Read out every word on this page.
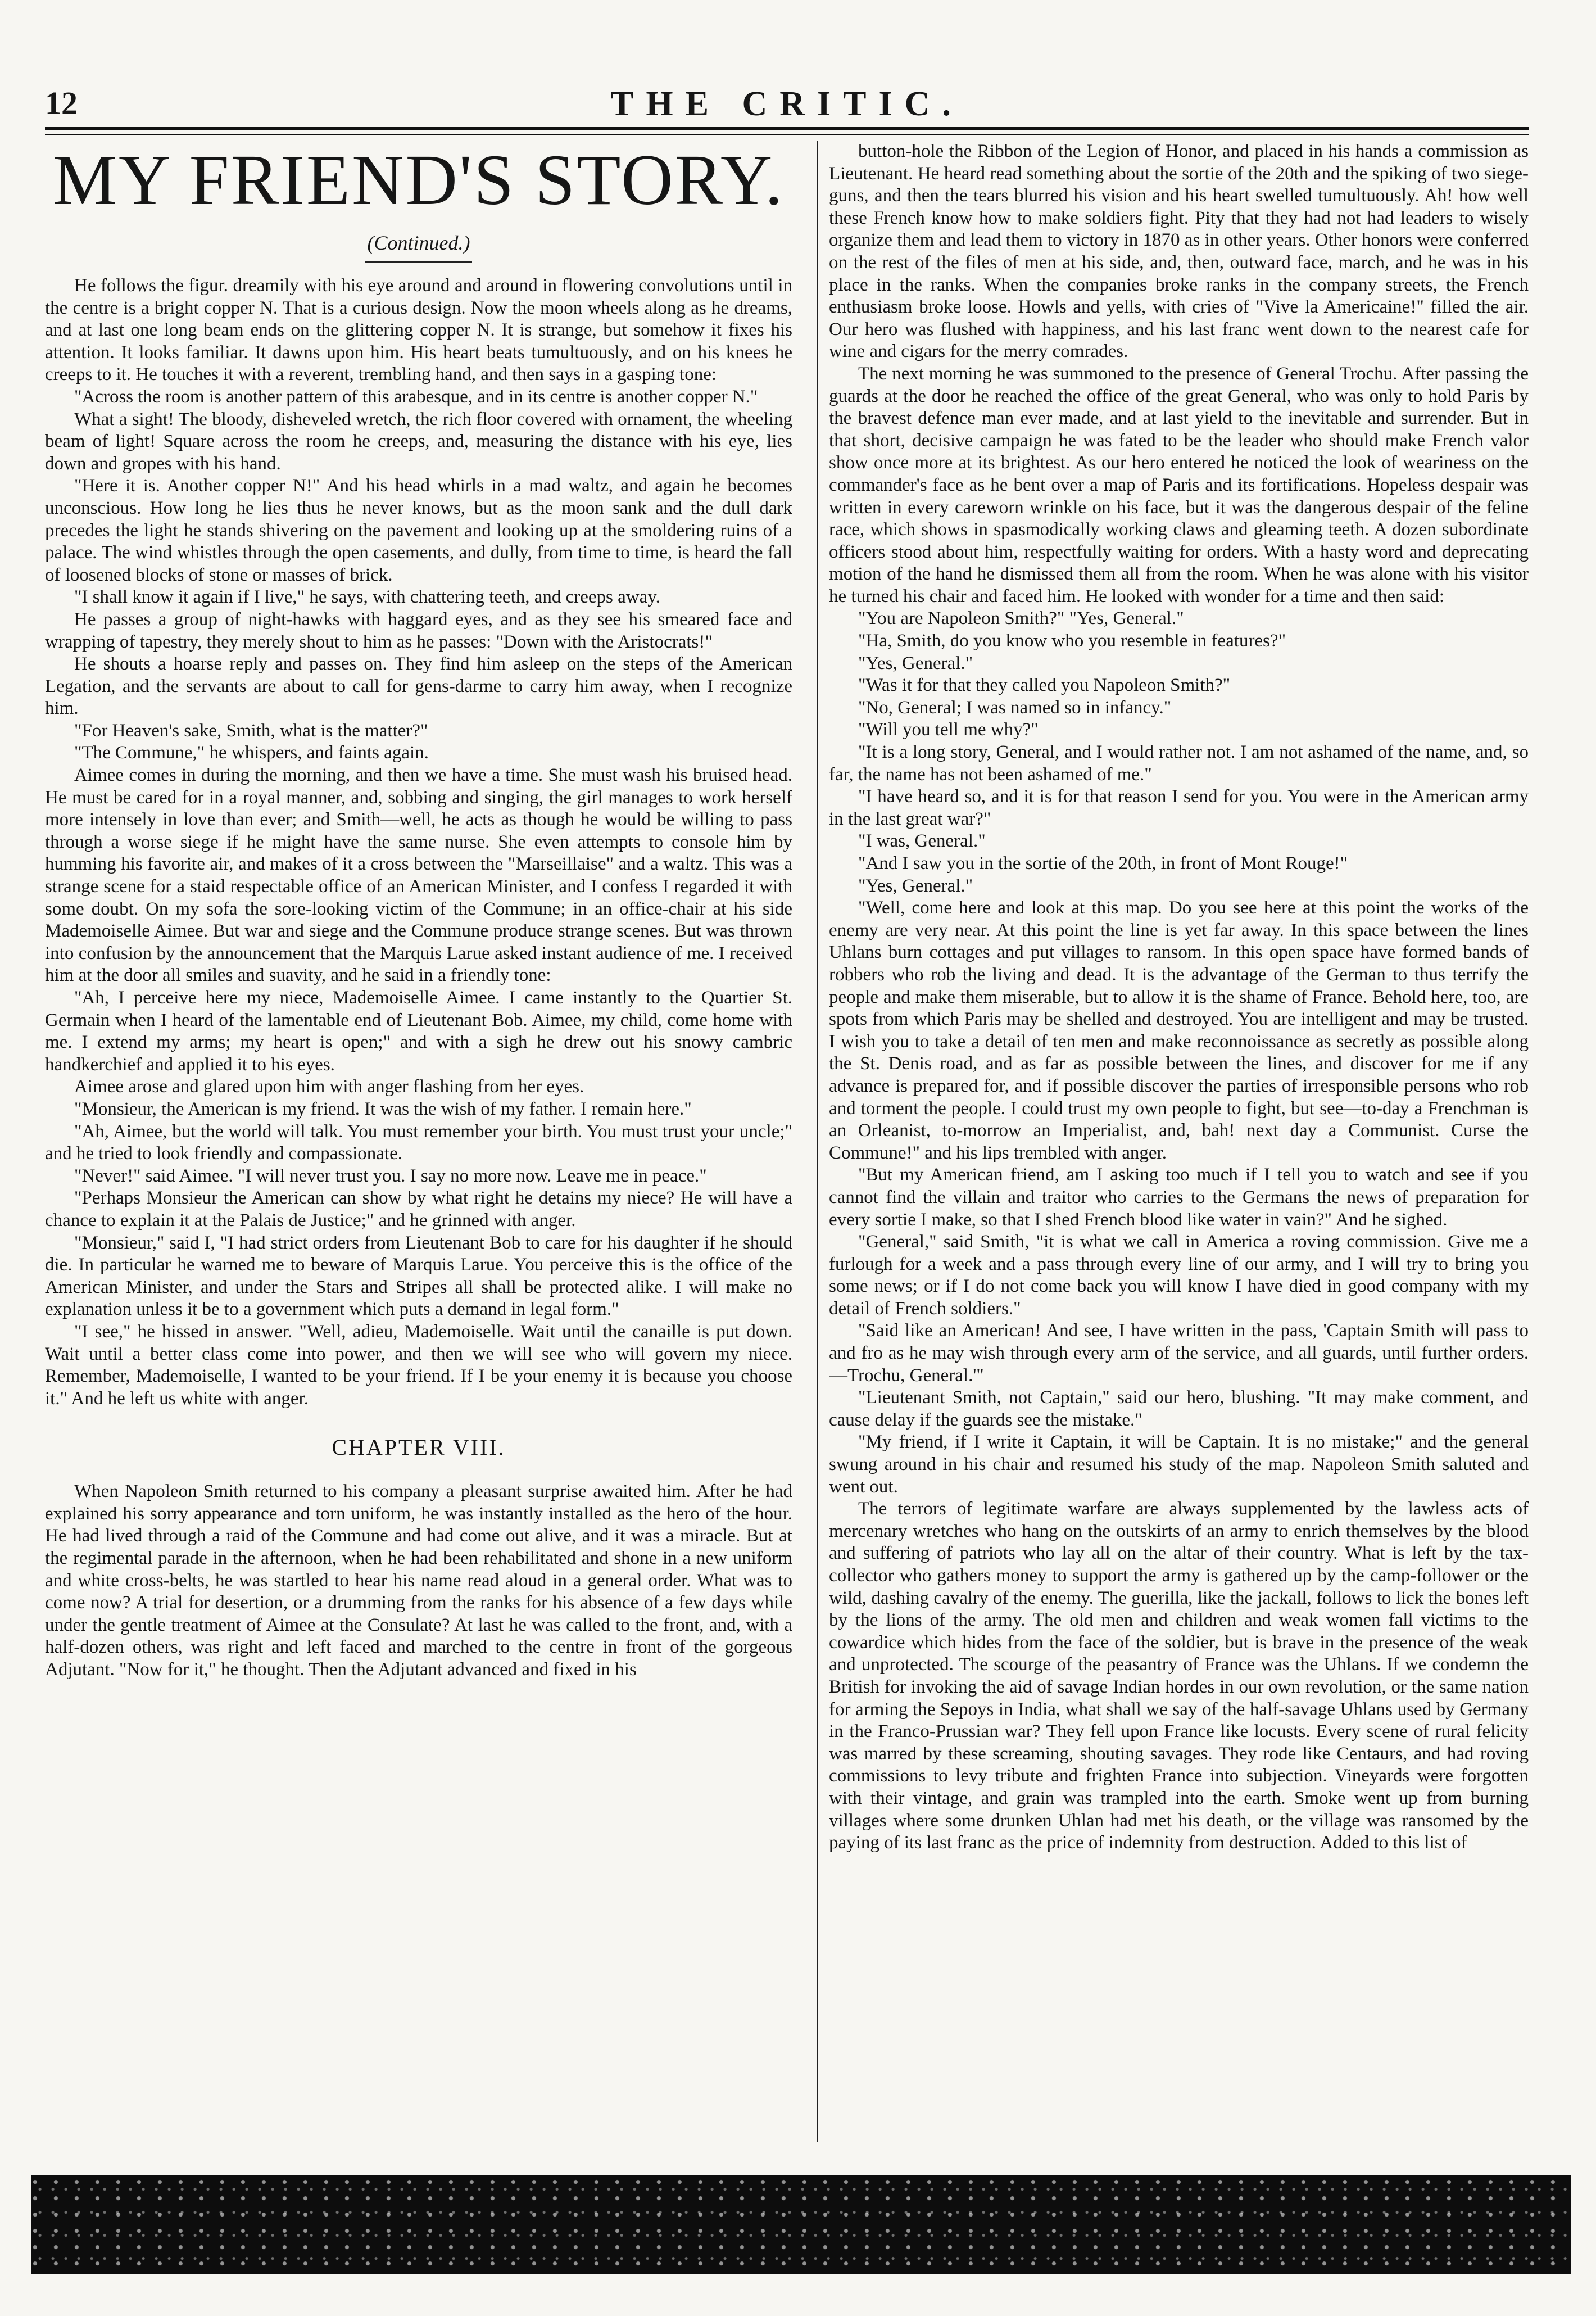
12	THE CRITIC.
MY FRIEND'S STORY.
(Continued.)

He follows the figur. dreamily with his eye around and around in flowering convolutions until in the centre is a bright copper N. That is a curious design. Now the moon wheels along as he dreams, and at last one long beam ends on the glittering copper N. It is strange, but somehow it fixes his attention. It looks familiar. It dawns upon him. His heart beats tumultuously, and on his knees he creeps to it. He touches it with a reverent, trembling hand, and then says in a gasping tone:

"Across the room is another pattern of this arabesque, and in its centre is another copper N."

What a sight! The bloody, disheveled wretch, the rich floor covered with ornament, the wheeling beam of light! Square across the room he creeps, and, measuring the distance with his eye, lies down and gropes with his hand.

"Here it is. Another copper N!" And his head whirls in a mad waltz, and again he becomes unconscious. How long he lies thus he never knows, but as the moon sank and the dull dark precedes the light he stands shivering on the pavement and looking up at the smoldering ruins of a palace. The wind whistles through the open casements, and dully, from time to time, is heard the fall of loosened blocks of stone or masses of brick.

"I shall know it again if I live," he says, with chattering teeth, and creeps away.

He passes a group of night-hawks with haggard eyes, and as they see his smeared face and wrapping of tapestry, they merely shout to him as he passes: "Down with the Aristocrats!"

He shouts a hoarse reply and passes on. They find him asleep on the steps of the American Legation, and the servants are about to call for gens-darme to carry him away, when I recognize him.

"For Heaven's sake, Smith, what is the matter?"

"The Commune," he whispers, and faints again.

Aimee comes in during the morning, and then we have a time. She must wash his bruised head. He must be cared for in a royal manner, and, sobbing and singing, the girl manages to work herself more intensely in love than ever; and Smith—well, he acts as though he would be willing to pass through a worse siege if he might have the same nurse. She even attempts to console him by humming his favorite air, and makes of it a cross between the "Marseillaise" and a waltz. This was a strange scene for a staid respectable office of an American Minister, and I confess I regarded it with some doubt. On my sofa the sore-looking victim of the Commune; in an office-chair at his side Mademoiselle Aimee. But war and siege and the Commune produce strange scenes. But was thrown into confusion by the announcement that the Marquis Larue asked instant audience of me. I received him at the door all smiles and suavity, and he said in a friendly tone:

"Ah, I perceive here my niece, Mademoiselle Aimee. I came instantly to the Quartier St. Germain when I heard of the lamentable end of Lieutenant Bob. Aimee, my child, come home with me. I extend my arms; my heart is open;" and with a sigh he drew out his snowy cambric handkerchief and applied it to his eyes.

Aimee arose and glared upon him with anger flashing from her eyes.

"Monsieur, the American is my friend. It was the wish of my father. I remain here."

"Ah, Aimee, but the world will talk. You must remember your birth. You must trust your uncle;" and he tried to look friendly and compassionate.

"Never!" said Aimee. "I will never trust you. I say no more now. Leave me in peace."

"Perhaps Monsieur the American can show by what right he detains my niece? He will have a chance to explain it at the Palais de Justice;" and he grinned with anger.

"Monsieur," said I, "I had strict orders from Lieutenant Bob to care for his daughter if he should die. In particular he warned me to beware of Marquis Larue. You perceive this is the office of the American Minister, and under the Stars and Stripes all shall be protected alike. I will make no explanation unless it be to a government which puts a demand in legal form."

"I see," he hissed in answer. "Well, adieu, Mademoiselle. Wait until the canaille is put down. Wait until a better class come into power, and then we will see who will govern my niece. Remember, Mademoiselle, I wanted to be your friend. If I be your enemy it is because you choose it." And he left us white with anger.

CHAPTER VIII.

When Napoleon Smith returned to his company a pleasant surprise awaited him. After he had explained his sorry appearance and torn uniform, he was instantly installed as the hero of the hour. He had lived through a raid of the Commune and had come out alive, and it was a miracle. But at the regimental parade in the afternoon, when he had been rehabilitated and shone in a new uniform and white cross-belts, he was startled to hear his name read aloud in a general order. What was to come now? A trial for desertion, or a drumming from the ranks for his absence of a few days while under the gentle treatment of Aimee at the Consulate? At last he was called to the front, and, with a half-dozen others, was right and left faced and marched to the centre in front of the gorgeous Adjutant. "Now for it," he thought. Then the Adjutant advanced and fixed in his

button-hole the Ribbon of the Legion of Honor, and placed in his hands a commission as Lieutenant. He heard read something about the sortie of the 20th and the spiking of two siege-guns, and then the tears blurred his vision and his heart swelled tumultuously. Ah! how well these French know how to make soldiers fight. Pity that they had not had leaders to wisely organize them and lead them to victory in 1870 as in other years. Other honors were conferred on the rest of the files of men at his side, and, then, outward face, march, and he was in his place in the ranks. When the companies broke ranks in the company streets, the French enthusiasm broke loose. Howls and yells, with cries of "Vive la Americaine!" filled the air. Our hero was flushed with happiness, and his last franc went down to the nearest cafe for wine and cigars for the merry comrades.

The next morning he was summoned to the presence of General Trochu. After passing the guards at the door he reached the office of the great General, who was only to hold Paris by the bravest defence man ever made, and at last yield to the inevitable and surrender. But in that short, decisive campaign he was fated to be the leader who should make French valor show once more at its brightest. As our hero entered he noticed the look of weariness on the commander's face as he bent over a map of Paris and its fortifications. Hopeless despair was written in every careworn wrinkle on his face, but it was the dangerous despair of the feline race, which shows in spasmodically working claws and gleaming teeth. A dozen subordinate officers stood about him, respectfully waiting for orders. With a hasty word and deprecating motion of the hand he dismissed them all from the room. When he was alone with his visitor he turned his chair and faced him. He looked with wonder for a time and then said:

"You are Napoleon Smith?" "Yes, General."

"Ha, Smith, do you know who you resemble in features?"

"Yes, General."

"Was it for that they called you Napoleon Smith?"

"No, General; I was named so in infancy."

"Will you tell me why?"

"It is a long story, General, and I would rather not. I am not ashamed of the name, and, so far, the name has not been ashamed of me."

"I have heard so, and it is for that reason I send for you. You were in the American army in the last great war?"

"I was, General."

"And I saw you in the sortie of the 20th, in front of Mont Rouge!"

"Yes, General."

"Well, come here and look at this map. Do you see here at this point the works of the enemy are very near. At this point the line is yet far away. In this space between the lines Uhlans burn cottages and put villages to ransom. In this open space have formed bands of robbers who rob the living and dead. It is the advantage of the German to thus terrify the people and make them miserable, but to allow it is the shame of France. Behold here, too, are spots from which Paris may be shelled and destroyed. You are intelligent and may be trusted. I wish you to take a detail of ten men and make reconnoissance as secretly as possible along the St. Denis road, and as far as possible between the lines, and discover for me if any advance is prepared for, and if possible discover the parties of irresponsible persons who rob and torment the people. I could trust my own people to fight, but see—to-day a Frenchman is an Orleanist, to-morrow an Imperialist, and, bah! next day a Communist. Curse the Commune!" and his lips trembled with anger.

"But my American friend, am I asking too much if I tell you to watch and see if you cannot find the villain and traitor who carries to the Germans the news of preparation for every sortie I make, so that I shed French blood like water in vain?" And he sighed.

"General," said Smith, "it is what we call in America a roving commission. Give me a furlough for a week and a pass through every line of our army, and I will try to bring you some news; or if I do not come back you will know I have died in good company with my detail of French soldiers."

"Said like an American! And see, I have written in the pass, 'Captain Smith will pass to and fro as he may wish through every arm of the service, and all guards, until further orders.—Trochu, General.'"

"Lieutenant Smith, not Captain," said our hero, blushing. "It may make comment, and cause delay if the guards see the mistake."

"My friend, if I write it Captain, it will be Captain. It is no mistake;" and the general swung around in his chair and resumed his study of the map. Napoleon Smith saluted and went out.

The terrors of legitimate warfare are always supplemented by the lawless acts of mercenary wretches who hang on the outskirts of an army to enrich themselves by the blood and suffering of patriots who lay all on the altar of their country. What is left by the tax-collector who gathers money to support the army is gathered up by the camp-follower or the wild, dashing cavalry of the enemy. The guerilla, like the jackall, follows to lick the bones left by the lions of the army. The old men and children and weak women fall victims to the cowardice which hides from the face of the soldier, but is brave in the presence of the weak and unprotected. The scourge of the peasantry of France was the Uhlans. If we condemn the British for invoking the aid of savage Indian hordes in our own revolution, or the same nation for arming the Sepoys in India, what shall we say of the half-savage Uhlans used by Germany in the Franco-Prussian war? They fell upon France like locusts. Every scene of rural felicity was marred by these screaming, shouting savages. They rode like Centaurs, and had roving commissions to levy tribute and frighten France into subjection. Vineyards were forgotten with their vintage, and grain was trampled into the earth. Smoke went up from burning villages where some drunken Uhlan had met his death, or the village was ransomed by the paying of its last franc as the price of indemnity from destruction. Added to this list of
